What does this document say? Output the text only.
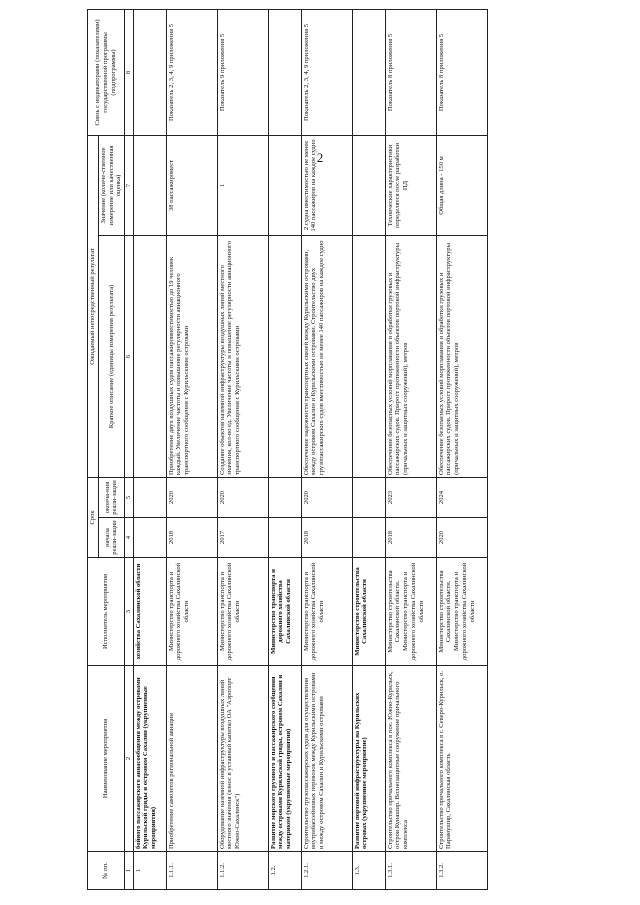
2
№ пп.	Наименование мероприятия	Исполнитель мероприятия	Срок		Ожидаемый непосредственный результат		Связь с индикаторами (показателями) государственной программы (подпрограммы)
			начала реали-зации	оконча-ния реали-зации	Краткое описание (единицы измерения результата)	Значение (количе-ственное измерение или качественная оценка)	

1	2	3	4	5	6	7	8
1	бойного пассажирского авиасообщения между островами Курильской гряды и островом Сахалин (укрупненные мероприятия)	хозяйства Сахалинской области					
1.1.1.	Приобретение самолетов региональной авиации	Министерство транспорта и дорожного хозяйства Сахалинской области	2018	2020	Приобретение двух воздушных судов пассажировместимостью до 19 человек каждый. Увеличение частоты и повышение регулярности авиационного транспортного сообщения с Курильскими островами	38 пассажиромест	Показатель 2, 3, 4, 9 приложения 5
1.1.2.	Оборудование наземной инфраструктуры воздушных линий местного значения (взнос в уставный капитал ОА "Аэропорт Южно-Сахалинск")	Министерство транспорта и дорожного хозяйства Сахалинской области	2017	2020	Создание объектов наземной инфраструктуры воздушных линий местного значения, кол-во ед. Увеличение частоты и повышение регулярности авиационного транспортного сообщения с Курильскими островами	1	Показатель 9 приложения 5
1.2.	Развитие морского грузового и пассажирского сообщения между островами Курильской гряды, островом Сахалин и материком (укрупненные мероприятия)	Министерство транспорта и дорожного хозяйства Сахалинской области					
1.2.1.	Строительство грузопассажирских судов для осуществления внутрибассейновых перевозок между Курильскими островами и между островом Сахалин и Курильскими островами	Министерство транспорта и дорожного хозяйства Сахалинской области	2018	2020	Обеспечение надежности транспортных связей между Курильскими островами, между островом Сахалин и Курильскими островами. Строительство двух грузопассажирских судов вместимостью не менее 140 пассажиров на каждое судно	2 судна вместимостью не менее 140 пассажиров на каждое судно	Показатель 2, 3, 4, 9 приложения 5
1.3.	Развитие портовой инфраструктуры на Курильских островах (укрупненное мероприятие)	Министерство строительства Сахалинской области					
1.3.1.	Строительство причального комплекса в пос. Южно-Курильск, остров Кунашир. Волнозащитные сооружение причального комплекса	Министерство строительства Сахалинской области. Министерство транспорта и дорожного хозяйства Сахалинской области	2018	2023	Обеспечение безопасных условий морплавания и обработки грузовых и пассажирских судов. Прирост протяженности объектов портовой инфраструктуры (причальных и защитных сооружений), метров	Технические характеристики определятся после разработки ПД	Показатель 8 приложения 5
1.3.2.	Строительство причального комплекса в г. Северо-Курильск, о. Парамушир, Сахалинская область	Министерство строительства Сахалинской области. Министерство транспорта и дорожного хозяйства Сахалинской области	2020	2024	Обеспечение безопасных условий морплавания и обработки грузовых и пассажирских судов. Прирост протяженности объектов портовой инфраструктуры (причальных и защитных сооружений), метров	Общая длина - 150 м	Показатель 8 приложения 5
